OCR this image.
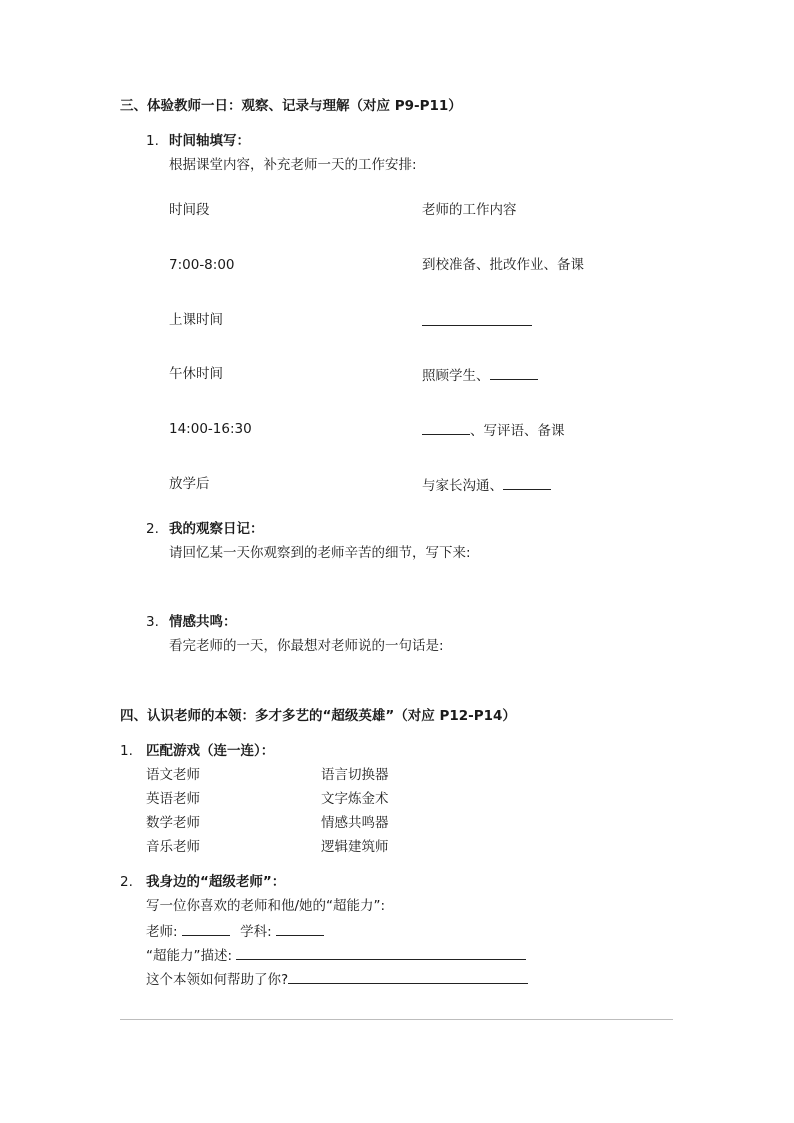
三、体验教师一日：观察、记录与理解（对应 P9-P11）
1. 时间轴填写：
根据课堂内容，补充老师一天的工作安排:
时间段	老师的工作内容
7:00-8:00	到校准备、批改作业、备课
上课时间
午休时间	照顾学生、
14:00-16:30	、写评语、备课
放学后	与家长沟通、
2. 我的观察日记：
请回忆某一天你观察到的老师辛苦的细节，写下来:
3. 情感共鸣：
看完老师的一天，你最想对老师说的一句话是:
四、认识老师的本领：多才多艺的“超级英雄”（对应 P12-P14）
1. 匹配游戏（连一连）：
语文老师	语言切换器
英语老师	文字炼金术
数学老师	情感共鸣器
音乐老师	逻辑建筑师
2. 我身边的“超级老师”：
写一位你喜欢的老师和他/她的“超能力”:
老师:	学科:
“超能力”描述:
这个本领如何帮助了你?
